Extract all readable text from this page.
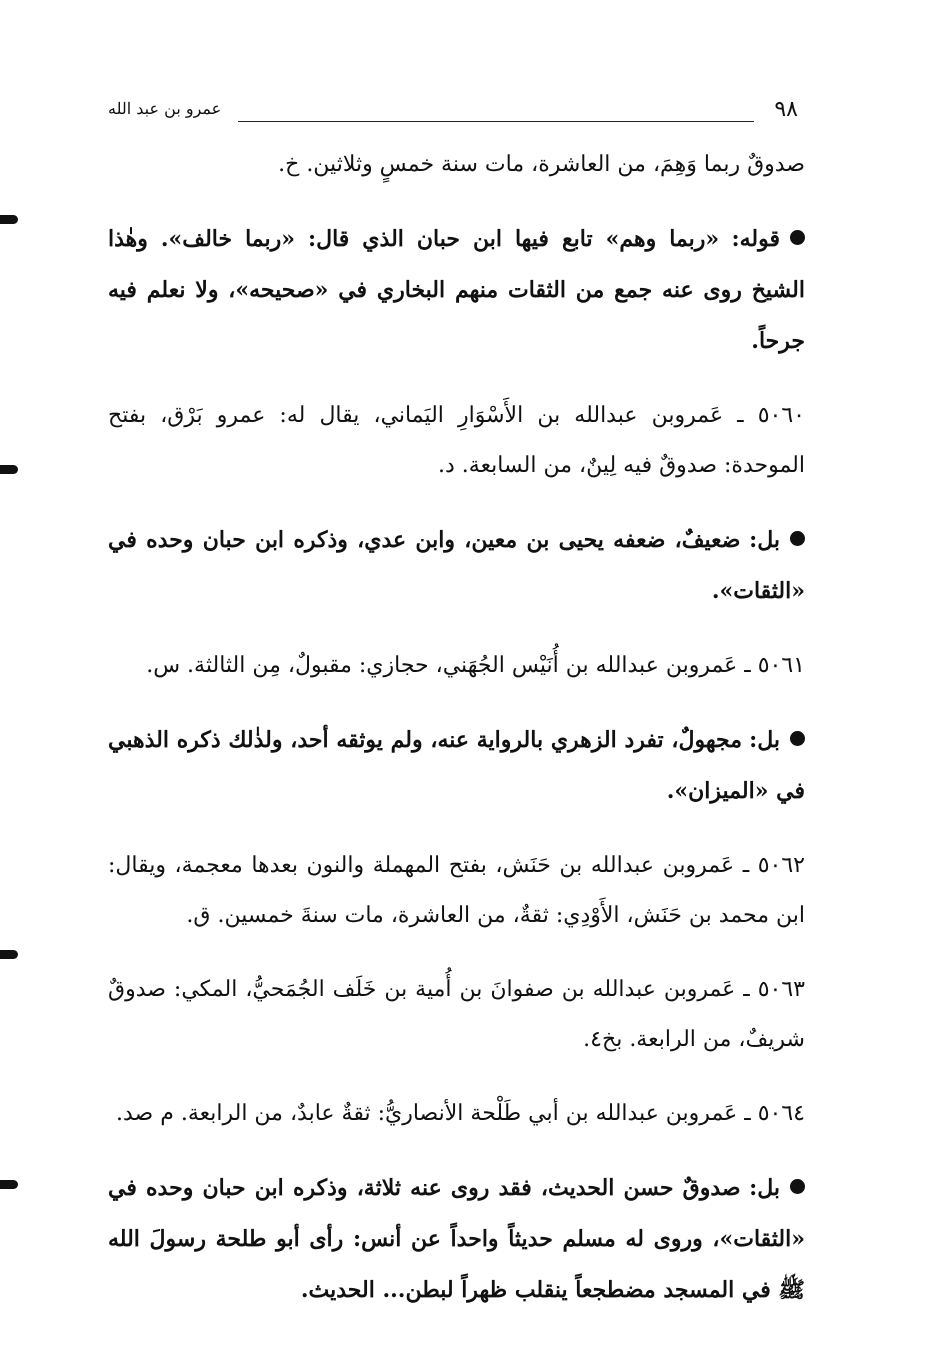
٩٨
عمرو بن عبد الله

صدوقٌ ربما وَهِمَ، من العاشرة، مات سنة خمسٍ وثلاثين. خ.

قوله: «ربما وهم» تابع فيها ابن حبان الذي قال: «ربما خالف». وهٰذا الشيخ روى عنه جمع من الثقات منهم البخاري في «صحيحه»، ولا نعلم فيه جرحاً.

٥٠٦٠ ـ عَمروبن عبدالله بن الأَسْوَارِ اليَماني، يقال له: عمرو بَرْق، بفتح الموحدة: صدوقٌ فيه لِينٌ، من السابعة. د.

بل: ضعيفٌ، ضعفه يحيى بن معين، وابن عدي، وذكره ابن حبان وحده في «الثقات».

٥٠٦١ ـ عَمروبن عبدالله بن أُنَيْس الجُهَني، حجازي: مقبولٌ، مِن الثالثة. س.

بل: مجهولٌ، تفرد الزهري بالرواية عنه، ولم يوثقه أحد، ولذٰلك ذكره الذهبي في «الميزان».

٥٠٦٢ ـ عَمروبن عبدالله بن حَنَش، بفتح المهملة والنون بعدها معجمة، ويقال: ابن محمد بن حَنَش، الأَوْدِي: ثقةٌ، من العاشرة، مات سنةَ خمسين. ق.

٥٠٦٣ ـ عَمروبن عبدالله بن صفوانَ بن أُمية بن خَلَف الجُمَحيُّ، المكي: صدوقٌ شريفٌ، من الرابعة. بخ٤.

٥٠٦٤ ـ عَمروبن عبدالله بن أبي طَلْحة الأنصاريُّ: ثقةٌ عابدٌ، من الرابعة. م صد.

بل: صدوقٌ حسن الحديث، فقد روى عنه ثلاثة، وذكره ابن حبان وحده في «الثقات»، وروى له مسلم حديثاً واحداً عن أنس: رأى أبو طلحة رسولَ الله ﷺ في المسجد مضطجعاً ينقلب ظهراً لبطن... الحديث.
